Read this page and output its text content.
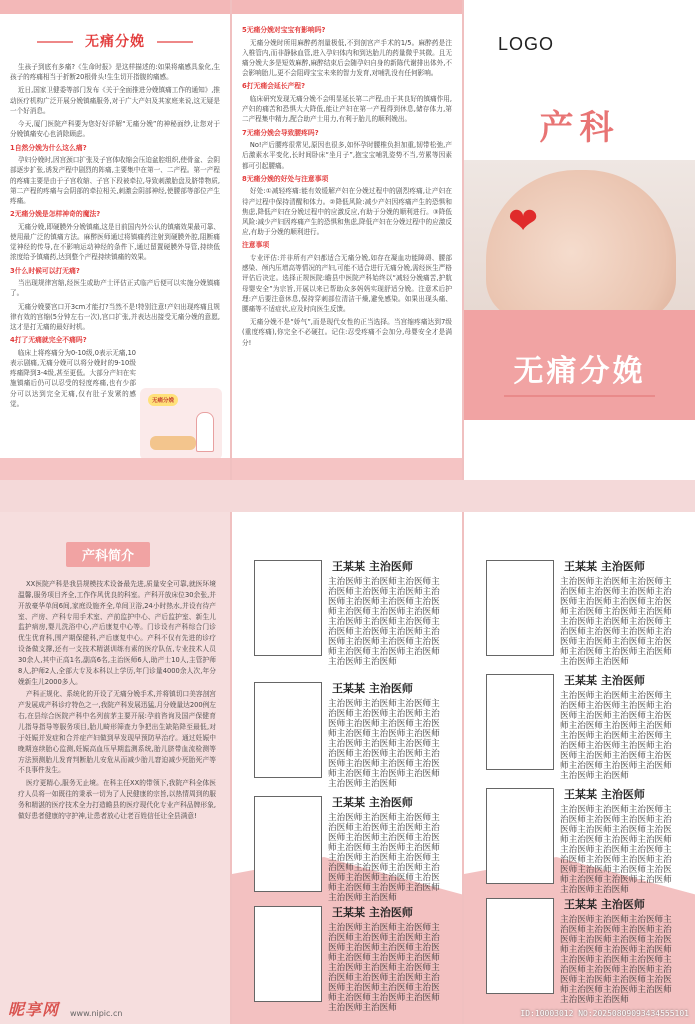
无痛分娩

生孩子到底有多痛?《生命时报》是这样描述的:如果将痛感具象化,生孩子的疼痛相当于折断20根骨头!生生切开指腹的痛感。

近日,国家卫健委等部门发布《关于全面推进分娩镇痛工作的通知》,推动医疗机构广泛开展分娩镇痛服务,对于广大产妇及其家庭来说,这无疑是一个好消息。

今天,厦门医院产科要为您好好详解“无痛分娩”的神秘面纱,让您对于分娩镇痛安心也消除顾虑。

1自然分娩为什么这么痛?

孕妇分娩时,因宫颈口扩张及子宫体收缩会压迫盆腔组织,使骨盆、会阴部逐步扩张,诱发产程中剧烈的阵痛,主要集中在第一、二产程。第一产程的疼痛主要是由于子宫收缩、子宫下段被牵拉,导致刺激胎盘及脐带物质,第二产程的疼痛与会阴部的牵拉相关,刺激会阴部神经,使腰部等部位产生疼痛。

2无痛分娩是怎样神奇的魔法?

无痛分娩,即硬膜外分娩镇痛,这是目前国内外公认的镇痛效果最可靠、使用最广泛的镇痛方法。麻醉医师通过将镇痛药注射到硬膜外腔,阻断痛觉神经的传导,在不影响运动神经的条件下,通过留置硬膜外导管,持续低浓度给予镇痛药,达到整个产程持续镇痛的效果。

3什么时候可以打无痛?

当出现规律宫缩,经医生或助产士评估正式临产后便可以实施分娩镇痛了。

无痛分娩要宫口开3cm才能打?当然不是!特别注意!产妇出现疼痛且规律有效的宫缩(5分钟左右一次),宫口扩张,并表达出接受无痛分娩的意愿,这才是打无痛的最好时机。

4打了无痛就完全不痛吗?

临床上将疼痛分为0-10级,0表示无痛,10表示剧痛,无痛分娩可以将分娩时的9-10级疼痛降到3-4级,甚至更低。大部分产妇在实施镇痛后仍可以忍受的轻度疼痛,也有少部分可以达到完全无痛,仅有肚子发紧的感觉。	无痛分娩
5无痛分娩对宝宝有影响吗?

无痛分娩时所用麻醉药剂量极低,不到剖宫产手术的1/5。麻醉药是注入椎管内,而非静脉血管,进入孕妇体内和到达胎儿的药量微乎其微。且无痛分娩大多是短效麻醉,麻醉结束后会随孕妇自身的新陈代谢排出体外,不会影响胎儿,更不会阻碍宝宝未来的智力发育,对哺乳没有任何影响。

6打无痛会延长产程?

临床研究发现无痛分娩不会明显延长第二产程,由于其良好的镇痛作用,产妇的痛苦和恐惧大大降低,能让产妇在第一产程得到休息,储存体力,第二产程集中精力,配合助产士用力,有利于胎儿的顺利娩出。

7无痛分娩会导致腰疼吗?

No!产后腰疼很常见,原因也很多,如怀孕时腰椎负担加重,韧带松弛,产后激素水平变化,长时间卧床“坐月子”,抱宝宝哺乳姿势不当,劳累等因素都可引起腰痛。

8无痛分娩的好处与注意事项

好处:①减轻疼痛:能有效缓解产妇在分娩过程中的剧烈疼痛,让产妇在待产过程中保持清醒和体力。②降低风险:减少产妇因疼痛产生的恐惧和焦虑,降低产妇在分娩过程中的应激反应,有助于分娩的顺利进行。③降低风险:减少产妇因疼痛产生的恐惧和焦虑,降低产妇在分娩过程中的应激反应,有助于分娩的顺利进行。

注意事项

专业评估:并非所有产妇都适合无痛分娩,如存在凝血功能障碍、腰部感染、颅内压增高等情况的产妇,可能不适合进行无痛分娩,需经医生严格评估后决定。选择正规医院:瞻县中医院产科始终以“减轻分娩痛苦,护航母婴安全”为宗旨,开展以来已帮助众多妈妈实现舒适分娩。注意术后护理:产后要注意休息,保持穿刺部位清洁干燥,避免感染。如果出现头痛、腰痛等不适症状,应及时向医生反馈。

无痛分娩不是“娇气”,而是现代女性的正当选择。当宫缩疼痛达到7级(重度疼痛),你完全不必硬扛。记住:忍受疼痛不会加分,母婴安全才是满分!

LOGO
产科
❤
无痛分娩
产科简介

XX医院产科是我县规模技术设备最先进,质量安全可靠,就医环境温馨,服务项目齐全,工作作风优良的科室。产科开放床位30余张,并开放豪华单间6间,家庭设施齐全,单间卫浴,24小时热水,并设有待产室、产房、产科专用手术室、产前监护中心、产后监护室、新生儿监护病房,婴儿洗浴中心,产后康复中心等。门诊设有产科综合门诊优生优育科,围产期保健科,产后康复中心。产科不仅有先进的诊疗设备做支撑,还有一支技术精湛训练有素的医疗队伍,专业技术人员30余人,其中正高1名,副高6名,主治医师6人,助产士10人,主管护师8人,护师2人,全部大专及本科以上学历,年门诊量4000余人次,年分娩新生儿2000多人。

产科正规化、系统化的开设了无痛分娩手术,并将镇切口美容剖宫产发展成产科诊疗特色之一,我院产科发展迅猛,月分娩量达200例左右,在县综合医院产科中名列前茅主要开展:孕前咨询及国产保健育儿指导指导等服务项目,胎儿畸形筛查力争把出生缺陷降至最低,对于妊娠并发症和合并症产妇做到早发现早预防早治疗。通过妊娠中晚期连续胎心监测,妊娠高血压早期监测系统,胎儿脐带血流检测等方法预测胎儿发育判断胎儿安危从而减少胎儿窘迫减少死胎死产等不良事件发生。

医疗更精心,服务无止境。在科主任XX的带领下,我院产科全体医疗人员将一如既往的秉承一切为了人民健康的宗旨,以热情周到的服务和精湛的医疗技术全力打造瞻县的医疗现代化专业产科品牌形象,做好患者健康的守护神,让患者放心让老百姓信任让全县满意!

王某某 主治医师
主治医师主治医师主治医师主治医师主治医师主治医师主治医师主治医师主治医师主治医师主治医师主治医师主治医师主治医师主治医师主治医师主治医师主治医师主治医师主治医师主治医师主治医师主治医师主治医师主治医师主治医师主治医师主治医师
王某某 主治医师
主治医师主治医师主治医师主治医师主治医师主治医师主治医师主治医师主治医师主治医师主治医师主治医师主治医师主治医师主治医师主治医师主治医师主治医师主治医师主治医师主治医师主治医师主治医师主治医师主治医师主治医师主治医师主治医师
王某某 主治医师
主治医师主治医师主治医师主治医师主治医师主治医师主治医师主治医师主治医师主治医师主治医师主治医师主治医师主治医师主治医师主治医师主治医师主治医师主治医师主治医师主治医师主治医师主治医师主治医师主治医师主治医师主治医师主治医师
王某某 主治医师
主治医师主治医师主治医师主治医师主治医师主治医师主治医师主治医师主治医师主治医师主治医师主治医师主治医师主治医师主治医师主治医师主治医师主治医师主治医师主治医师主治医师主治医师主治医师主治医师主治医师主治医师主治医师主治医师
王某某 主治医师
主治医师主治医师主治医师主治医师主治医师主治医师主治医师主治医师主治医师主治医师主治医师主治医师主治医师主治医师主治医师主治医师主治医师主治医师主治医师主治医师主治医师主治医师主治医师主治医师主治医师主治医师主治医师主治医师
王某某 主治医师
主治医师主治医师主治医师主治医师主治医师主治医师主治医师主治医师主治医师主治医师主治医师主治医师主治医师主治医师主治医师主治医师主治医师主治医师主治医师主治医师主治医师主治医师主治医师主治医师主治医师主治医师主治医师主治医师
王某某 主治医师
主治医师主治医师主治医师主治医师主治医师主治医师主治医师主治医师主治医师主治医师主治医师主治医师主治医师主治医师主治医师主治医师主治医师主治医师主治医师主治医师主治医师主治医师主治医师主治医师主治医师主治医师主治医师主治医师
王某某 主治医师
主治医师主治医师主治医师主治医师主治医师主治医师主治医师主治医师主治医师主治医师主治医师主治医师主治医师主治医师主治医师主治医师主治医师主治医师主治医师主治医师主治医师主治医师主治医师主治医师主治医师主治医师主治医师主治医师
昵享网 www.nipic.cn	ID:10003012 NO:20250809093434555101
